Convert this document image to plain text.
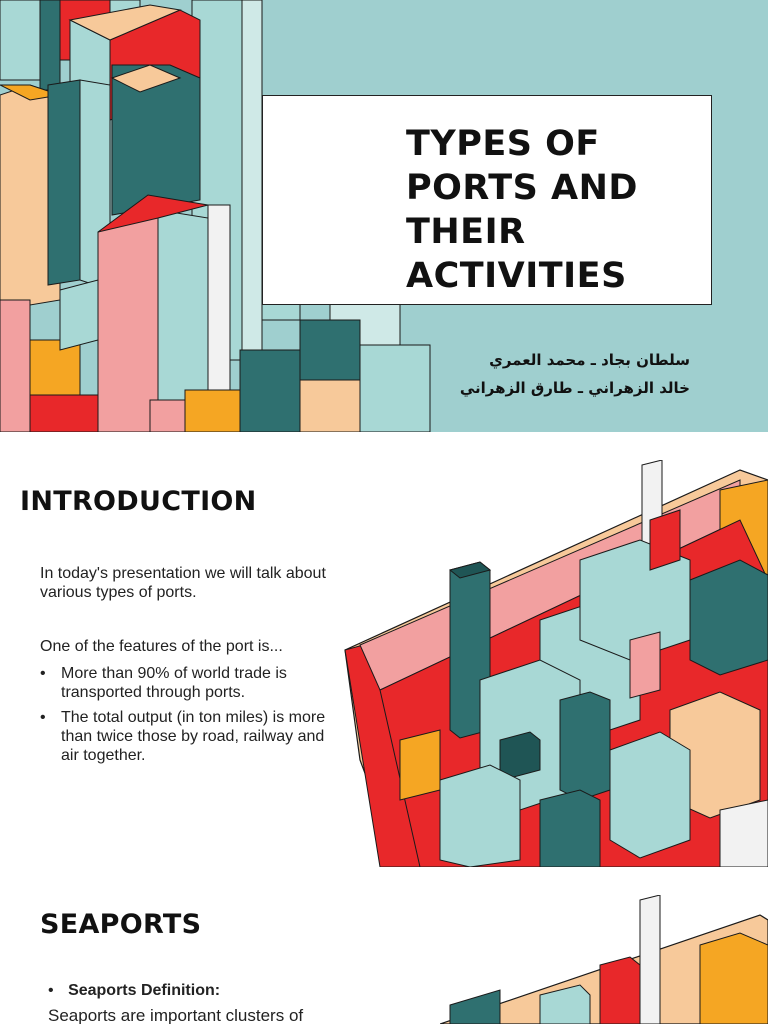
TYPES OF
PORTS AND
THEIR
ACTIVITIES
سلطان بجاد ـ محمد العمري
خالد الزهراني ـ طارق الزهراني
INTRODUCTION
In today's presentation we will talk about various types of ports.
One of the features of the port is...
• More than 90% of world trade is transported through ports.
• The total output (in ton miles) is more than twice those by road, railway and air together.
SEAPORTS
• Seaports Definition:
Seaports are important clusters of
